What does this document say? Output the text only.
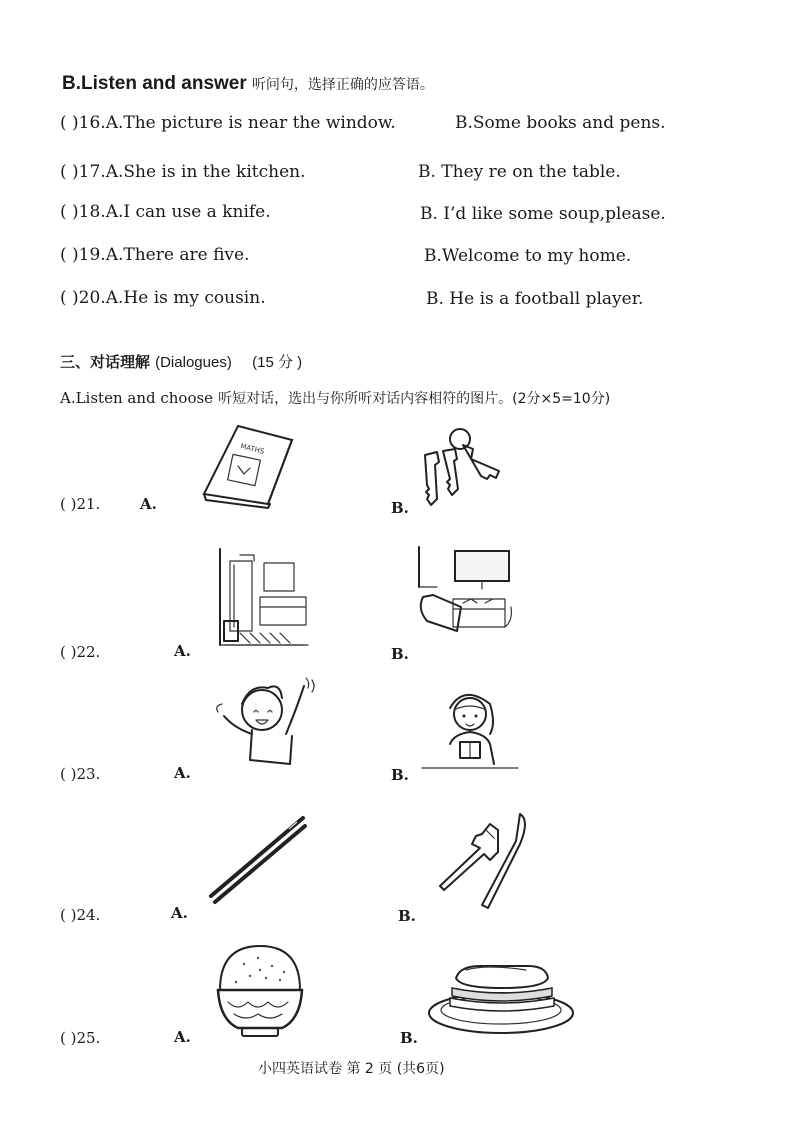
B.Listen and answer 听问句，选择正确的应答语。
( )16.A.The picture is near the window.	B.Some books and pens.
( )17.A.She is in the kitchen.	B. They re on the table.
( )18.A.I can use a knife.	B. I’d like some soup,please.
( )19.A.There are five.	B.Welcome to my home.
( )20.A.He is my cousin.	B. He is a football player.
三、对话理解 (Dialogues) (15 分 )
A.Listen and choose 听短对话，选出与你所听对话内容相符的图片。(2分×5=10分)
( )21.	A.	B.
MATHS
( )22.	A.	B.
( )23.	A.	B.
( )24.	A.	B.
( )25.	A.	B.
小四英语试卷 第 2 页 (共6页)
